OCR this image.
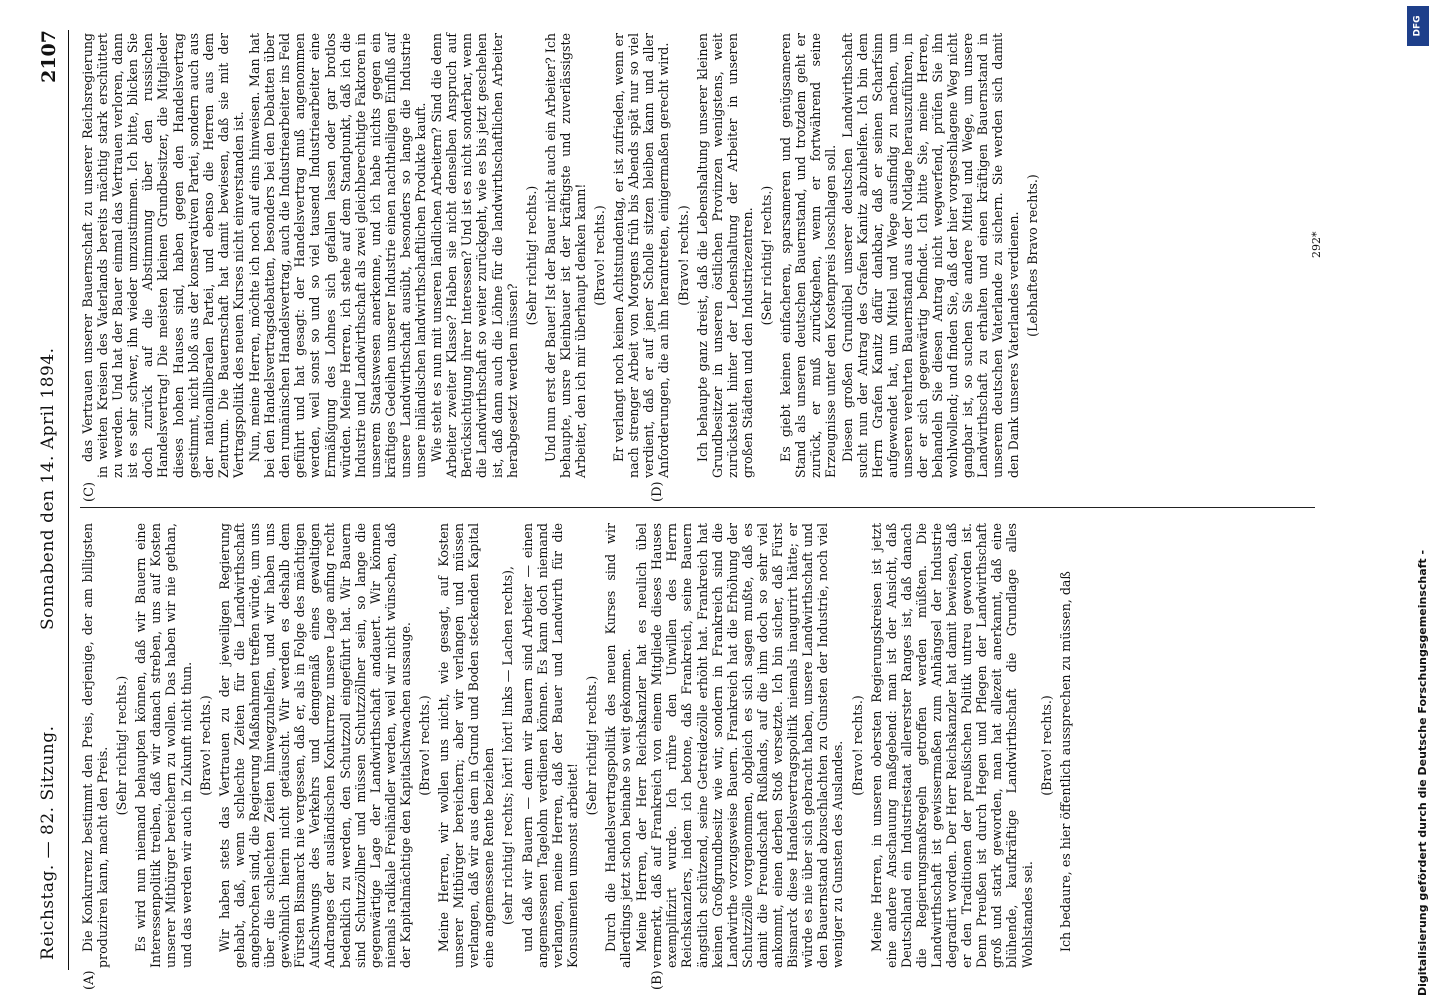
Reichstag. — 82. Sitzung.
Sonnabend den 14. April 1894.
2107
(A)	(B)
(C)	(D)

Die Konkurrenz bestimmt den Preis, derjenige, der am billigsten produziren kann, macht den Preis.

(Sehr richtig! rechts.) Es wird nun niemand behaupten können, daß wir Bauern eine Interessenpolitik treiben, daß wir danach streben, uns auf Kosten unserer Mitbürger bereichern zu wollen. Das haben wir nie gethan, und das werden wir auch in Zukunft nicht thun. (Bravo! rechts.) Wir haben stets das Vertrauen zu der jeweiligen Regierung gehabt, daß, wenn schlechte Zeiten für die Landwirthschaft angebrochen sind, die Regierung Maßnahmen treffen würde, um uns über die schlechten Zeiten hinwegzuhelfen, und wir haben uns gewöhnlich hierin nicht getäuscht. Wir werden es deshalb dem Fürsten Bismarck nie vergessen, daß er, als in Folge des mächtigen Aufschwungs des Verkehrs und demgemäß eines gewaltigen Andranges der ausländischen Konkurrenz unsere Lage anfing recht bedenklich zu werden, den Schutzzoll eingeführt hat. Wir Bauern sind Schutzzöllner und müssen Schutzzöllner sein, so lange die gegenwärtige Lage der Landwirthschaft andauert. Wir können niemals radikale Freihändler werden, weil wir nicht wünschen, daß der Kapitalmächtige den Kapitalschwachen aussauge. (Bravo! rechts.) Meine Herren, wir wollen uns nicht, wie gesagt, auf Kosten unserer Mitbürger bereichern; aber wir verlangen und müssen verlangen, daß wir aus dem in Grund und Boden steckenden Kapital eine angemessene Rente beziehen (sehr richtig! rechts; hört! hört! links — Lachen rechts), und daß wir Bauern — denn wir Bauern sind Arbeiter — einen angemessenen Tagelohn verdienen können. Es kann doch niemand verlangen, meine Herren, daß der Bauer und Landwirth für die Konsumenten umsonst arbeitet!

(Sehr richtig! rechts.) Durch die Handelsvertragspolitik des neuen Kurses sind wir allerdings jetzt schon beinahe so weit gekommen. Meine Herren, der Herr Reichskanzler hat es neulich übel vermerkt, daß auf Frankreich von einem Mitgliede dieses Hauses exemplifizirt wurde. Ich rühre den Unwillen des Herrn Reichskanzlers, indem ich betone, daß Frankreich, seine Bauern ängstlich schützend, seine Getreidezölle erhöht hat. Frankreich hat keinen Großgrundbesitz wie wir, sondern in Frankreich sind die Landwirthe vorzugsweise Bauern. Frankreich hat die Erhöhung der Schutzzölle vorgenommen, obgleich es sich sagen mußte, daß es damit die Freundschaft Rußlands, auf die ihm doch so sehr viel ankommt, einen derben Stoß versetzte. Ich bin sicher, daß Fürst Bismarck diese Handelsvertragspolitik niemals inaugurirt hätte; er würde es nie über sich gebracht haben, unsere Landwirthschaft und den Bauernstand abzuschlachten zu Gunsten der Industrie, noch viel weniger zu Gunsten des Auslandes. (Bravo! rechts.) Meine Herren, in unseren obersten Regierungskreisen ist jetzt eine andere Anschauung maßgebend: man ist der Ansicht, daß Deutschland ein Industriestaat allererster Ranges ist, daß danach die Regierungsmaßregeln getroffen werden müßten. Die Landwirthschaft ist gewissermaßen zum Anhängsel der Industrie degradirt worden. Der Herr Reichskanzler hat damit bewiesen, daß er den Traditionen der preußischen Politik untreu geworden ist. Denn Preußen ist durch Hegen und Pflegen der Landwirthschaft groß und stark geworden, man hat allezeit anerkannt, daß eine blühende, kaufkräftige Landwirthschaft die Grundlage alles Wohlstandes sei.

(Bravo! rechts.) Ich bedaure, es hier öffentlich aussprechen zu müssen, daß

das Vertrauen unserer Bauernschaft zu unserer Reichsregierung in weiten Kreisen des Vaterlands bereits mächtig stark erschüttert zu werden. Und hat der Bauer einmal das Vertrauen verloren, dann ist es sehr schwer, ihn wieder umzustimmen. Ich bitte, blicken Sie doch zurück auf die Abstimmung über den russischen Handelsvertrag! Die meisten kleinen Grundbesitzer, die Mitglieder dieses hohen Hauses sind, haben gegen den Handelsvertrag gestimmt, nicht bloß aus der konservativen Partei, sondern auch aus der nationalliberalen Partei, und ebenso die Herren aus dem Zentrum. Die Bauernschaft hat damit bewiesen, daß sie mit der Vertragspolitik des neuen Kurses nicht einverstanden ist. Nun, meine Herren, möchte ich noch auf eins hinweisen. Man hat bei den Handelsvertragsdebatten, besonders bei den Debatten über den rumänischen Handelsvertrag, auch die Industriearbeiter ins Feld geführt und hat gesagt: der Handelsvertrag muß angenommen werden, weil sonst so und so viel tausend Industriearbeiter eine Ermäßigung des Lohnes sich gefallen lassen oder gar brotlos würden. Meine Herren, ich stehe auf dem Standpunkt, daß ich die Industrie und Landwirthschaft als zwei gleichberechtigte Faktoren in unserem Staatswesen anerkenne, und ich habe nichts gegen ein kräftiges Gedeihen unserer Industrie einen nachtheiligen Einfluß auf unsere Landwirthschaft ausübt, besonders so lange die Industrie unsere inländischen landwirthschaftlichen Produkte kauft. Wie steht es nun mit unseren ländlichen Arbeitern? Sind die denn Arbeiter zweiter Klasse? Haben sie nicht denselben Anspruch auf Berücksichtigung ihrer Interessen? Und ist es nicht sonderbar, wenn die Landwirthschaft so weiter zurückgeht, wie es bis jetzt geschehen ist, daß dann auch die Löhne für die landwirthschaftlichen Arbeiter herabgesetzt werden müssen?

(Sehr richtig! rechts.) Und nun erst der Bauer! Ist der Bauer nicht auch ein Arbeiter? Ich behaupte, unsre Kleinbauer ist der kräftigste und zuverlässigste Arbeiter, den ich mir überhaupt denken kann! (Bravo! rechts.) Er verlangt noch keinen Achtstundentag, er ist zufrieden, wenn er nach strenger Arbeit von Morgens früh bis Abends spät nur so viel verdient, daß er auf jener Scholle sitzen bleiben kann und aller Anforderungen, die an ihn herantreten, einigermaßen gerecht wird. (Bravo! rechts.) Ich behaupte ganz dreist, daß die Lebenshaltung unserer kleinen Grundbesitzer in unseren östlichen Provinzen wenigstens, weit zurücksteht hinter der Lebenshaltung der Arbeiter in unseren großen Städten und den Industriezentren. (Sehr richtig! rechts.) Es giebt keinen einfacheren, sparsameren und genügsameren Stand als unseren deutschen Bauernstand, und trotzdem geht er zurück, er muß zurückgehen, wenn er fortwährend seine Erzeugnisse unter den Kostenpreis losschlagen soll. Diesen großen Grundübel unserer deutschen Landwirthschaft sucht nun der Antrag des Grafen Kanitz abzuhelfen. Ich bin dem Herrn Grafen Kanitz dafür dankbar, daß er seinen Scharfsinn aufgewendet hat, um Mittel und Wege ausfindig zu machen, um unseren verehrten Bauernstand aus der Notlage herauszuführen, in der er sich gegenwärtig befindet. Ich bitte Sie, meine Herren, behandeln Sie diesen Antrag nicht wegwerfend, prüfen Sie ihn wohlwollend; und finden Sie, daß der hier vorgeschlagene Weg nicht gangbar ist, so suchen Sie andere Mittel und Wege, um unsere Landwirthschaft zu erhalten und einen kräftigen Bauernstand in unserem deutschen Vaterlande zu sichern. Sie werden sich damit den Dank unseres Vaterlandes verdienen. (Lebhaftes Bravo rechts.)	292*
Digitalisierung gefördert durch die Deutsche Forschungsgemeinschaft -
DFG
